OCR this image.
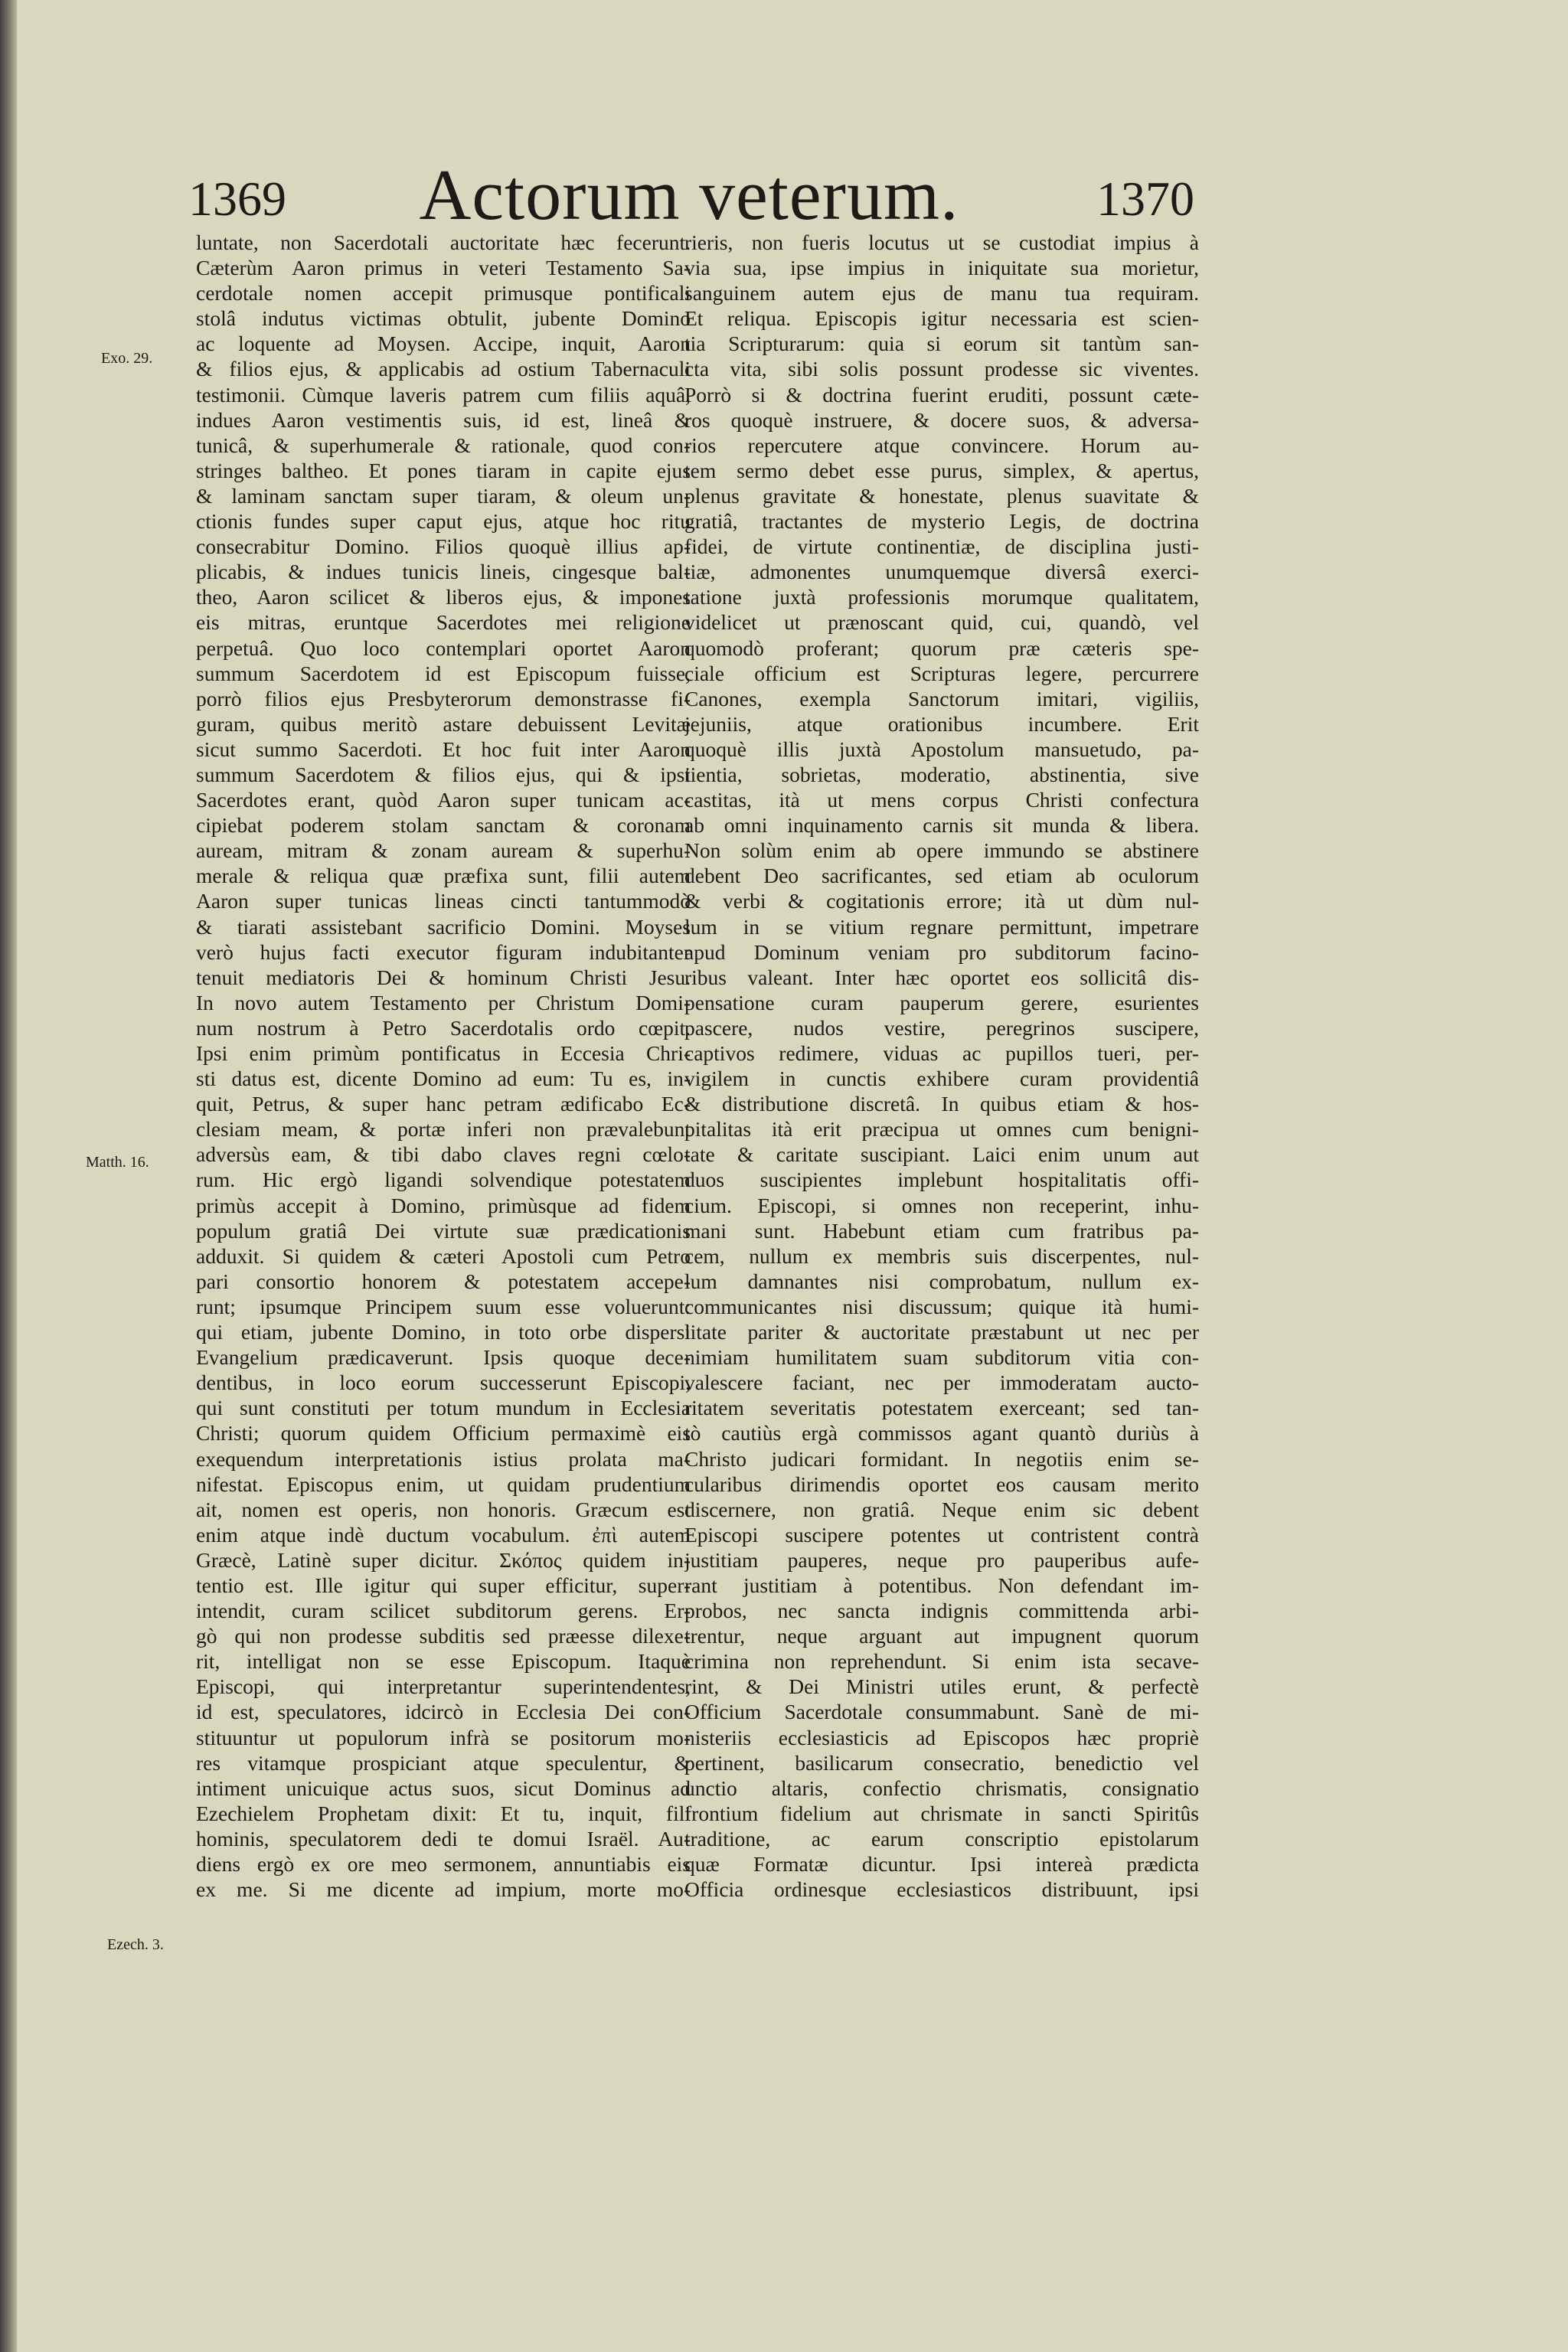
1369	Actorum veterum.	1370
Exo. 29.
Matth. 16.
Ezech. 3.
luntate, non Sacerdotali auctoritate hæc fecerunt.
Cæterùm Aaron primus in veteri Testamento Sa-
cerdotale nomen accepit primusque pontificali
stolâ indutus victimas obtulit, jubente Domino
ac loquente ad Moysen. Accipe, inquit, Aaron
& filios ejus, & applicabis ad ostium Tabernaculi
testimonii. Cùmque laveris patrem cum filiis aquâ,
indues Aaron vestimentis suis, id est, lineâ &
tunicâ, & superhumerale & rationale, quod con-
stringes baltheo. Et pones tiaram in capite ejus
& laminam sanctam super tiaram, & oleum un-
ctionis fundes super caput ejus, atque hoc ritu
consecrabitur Domino. Filios quoquè illius ap-
plicabis, & indues tunicis lineis, cingesque bal-
theo, Aaron scilicet & liberos ejus, & impones
eis mitras, eruntque Sacerdotes mei religione
perpetuâ. Quo loco contemplari oportet Aaron
summum Sacerdotem id est Episcopum fuisse,
porrò filios ejus Presbyterorum demonstrasse fi-
guram, quibus meritò astare debuissent Levitæ
sicut summo Sacerdoti. Et hoc fuit inter Aaron
summum Sacerdotem & filios ejus, qui & ipsi
Sacerdotes erant, quòd Aaron super tunicam ac-
cipiebat poderem stolam sanctam & coronam
auream, mitram & zonam auream & superhu-
merale & reliqua quæ præfixa sunt, filii autem
Aaron super tunicas lineas cincti tantummodò
& tiarati assistebant sacrificio Domini. Moyses
verò hujus facti executor figuram indubitanter
tenuit mediatoris Dei & hominum Christi Jesu.
In novo autem Testamento per Christum Domi-
num nostrum à Petro Sacerdotalis ordo cœpit.
Ipsi enim primùm pontificatus in Eccesia Chri-
sti datus est, dicente Domino ad eum: Tu es, in-
quit, Petrus, & super hanc petram ædificabo Ec-
clesiam meam, & portæ inferi non prævalebunt
adversùs eam, & tibi dabo claves regni cœlo-
rum. Hic ergò ligandi solvendique potestatem
primùs accepit à Domino, primùsque ad fidem
populum gratiâ Dei virtute suæ prædicationis
adduxit. Si quidem & cæteri Apostoli cum Petro
pari consortio honorem & potestatem accepe-
runt; ipsumque Principem suum esse voluerunt:
qui etiam, jubente Domino, in toto orbe dispersi
Evangelium prædicaverunt. Ipsis quoque dece-
dentibus, in loco eorum successerunt Episcopi,
qui sunt constituti per totum mundum in Ecclesia
Christi; quorum quidem Officium permaximè eis
exequendum interpretationis istius prolata ma-
nifestat. Episcopus enim, ut quidam prudentium
ait, nomen est operis, non honoris. Græcum est
enim atque indè ductum vocabulum. ἐπὶ autem
Græcè, Latinè super dicitur. Σκόπος quidem in-
tentio est. Ille igitur qui super efficitur, super-
intendit, curam scilicet subditorum gerens. Er-
gò qui non prodesse subditis sed præesse dilexe-
rit, intelligat non se esse Episcopum. Itaquè
Episcopi, qui interpretantur superintendentes,
id est, speculatores, idcircò in Ecclesia Dei con-
stituuntur ut populorum infrà se positorum mo-
res vitamque prospiciant atque speculentur, &
intiment unicuique actus suos, sicut Dominus ad
Ezechielem Prophetam dixit: Et tu, inquit, fili
hominis, speculatorem dedi te domui Israël. Au-
diens ergò ex ore meo sermonem, annuntiabis eis
ex me. Si me dicente ad impium, morte mo-
rieris, non fueris locutus ut se custodiat impius à
via sua, ipse impius in iniquitate sua morietur,
sanguinem autem ejus de manu tua requiram.
Et reliqua. Episcopis igitur necessaria est scien-
tia Scripturarum: quia si eorum sit tantùm san-
cta vita, sibi solis possunt prodesse sic viventes.
Porrò si & doctrina fuerint eruditi, possunt cæte-
ros quoquè instruere, & docere suos, & adversa-
rios repercutere atque convincere. Horum au-
tem sermo debet esse purus, simplex, & apertus,
plenus gravitate & honestate, plenus suavitate &
gratiâ, tractantes de mysterio Legis, de doctrina
fidei, de virtute continentiæ, de disciplina justi-
tiæ, admonentes unumquemque diversâ exerci-
tatione juxtà professionis morumque qualitatem,
videlicet ut prænoscant quid, cui, quandò, vel
quomodò proferant; quorum præ cæteris spe-
ciale officium est Scripturas legere, percurrere
Canones, exempla Sanctorum imitari, vigiliis,
jejuniis, atque orationibus incumbere. Erit
quoquè illis juxtà Apostolum mansuetudo, pa-
tientia, sobrietas, moderatio, abstinentia, sive
castitas, ità ut mens corpus Christi confectura
ab omni inquinamento carnis sit munda & libera.
Non solùm enim ab opere immundo se abstinere
debent Deo sacrificantes, sed etiam ab oculorum
& verbi & cogitationis errore; ità ut dùm nul-
lum in se vitium regnare permittunt, impetrare
apud Dominum veniam pro subditorum facino-
ribus valeant. Inter hæc oportet eos sollicitâ dis-
pensatione curam pauperum gerere, esurientes
pascere, nudos vestire, peregrinos suscipere,
captivos redimere, viduas ac pupillos tueri, per-
vigilem in cunctis exhibere curam providentiâ
& distributione discretâ. In quibus etiam & hos-
pitalitas ità erit præcipua ut omnes cum benigni-
tate & caritate suscipiant. Laici enim unum aut
duos suscipientes implebunt hospitalitatis offi-
cium. Episcopi, si omnes non receperint, inhu-
mani sunt. Habebunt etiam cum fratribus pa-
cem, nullum ex membris suis discerpentes, nul-
lum damnantes nisi comprobatum, nullum ex-
communicantes nisi discussum; quique ità humi-
litate pariter & auctoritate præstabunt ut nec per
nimiam humilitatem suam subditorum vitia con-
valescere faciant, nec per immoderatam aucto-
ritatem severitatis potestatem exerceant; sed tan-
tò cautiùs ergà commissos agant quantò duriùs à
Christo judicari formidant. In negotiis enim se-
cularibus dirimendis oportet eos causam merito
discernere, non gratiâ. Neque enim sic debent
Episcopi suscipere potentes ut contristent contrà
justitiam pauperes, neque pro pauperibus aufe-
rant justitiam à potentibus. Non defendant im-
probos, nec sancta indignis committenda arbi-
trentur, neque arguant aut impugnent quorum
crimina non reprehendunt. Si enim ista secave-
rint, & Dei Ministri utiles erunt, & perfectè
Officium Sacerdotale consummabunt. Sanè de mi-
nisteriis ecclesiasticis ad Episcopos hæc propriè
pertinent, basilicarum consecratio, benedictio vel
unctio altaris, confectio chrismatis, consignatio
frontium fidelium aut chrismate in sancti Spiritûs
traditione, ac earum conscriptio epistolarum
quæ Formatæ dicuntur. Ipsi intereà prædicta
Officia ordinesque ecclesiasticos distribuunt, ipsi
